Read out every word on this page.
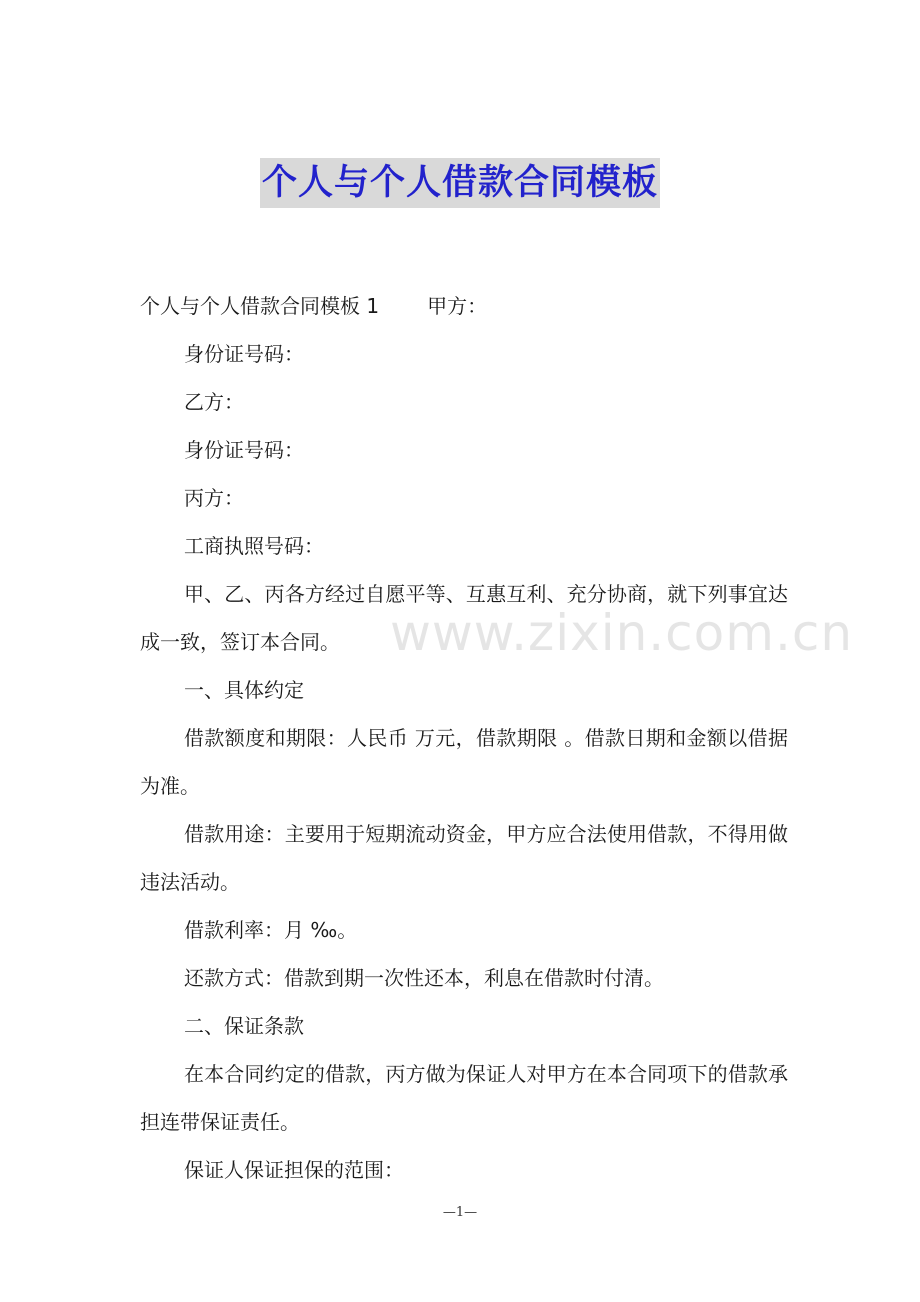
个人与个人借款合同模板
www.zixin.com.cn

个人与个人借款合同模板 1 甲方：

身份证号码：

乙方：

身份证号码：

丙方：

工商执照号码：

甲、乙、丙各方经过自愿平等、互惠互利、充分协商，就下列事宜达成一致，签订本合同。

一、具体约定

借款额度和期限：人民币 万元，借款期限 。借款日期和金额以借据为准。

借款用途：主要用于短期流动资金，甲方应合法使用借款，不得用做违法活动。

借款利率：月 ‰。

还款方式：借款到期一次性还本，利息在借款时付清。

二、保证条款

在本合同约定的借款，丙方做为保证人对甲方在本合同项下的借款承担连带保证责任。

保证人保证担保的范围：

—1—
